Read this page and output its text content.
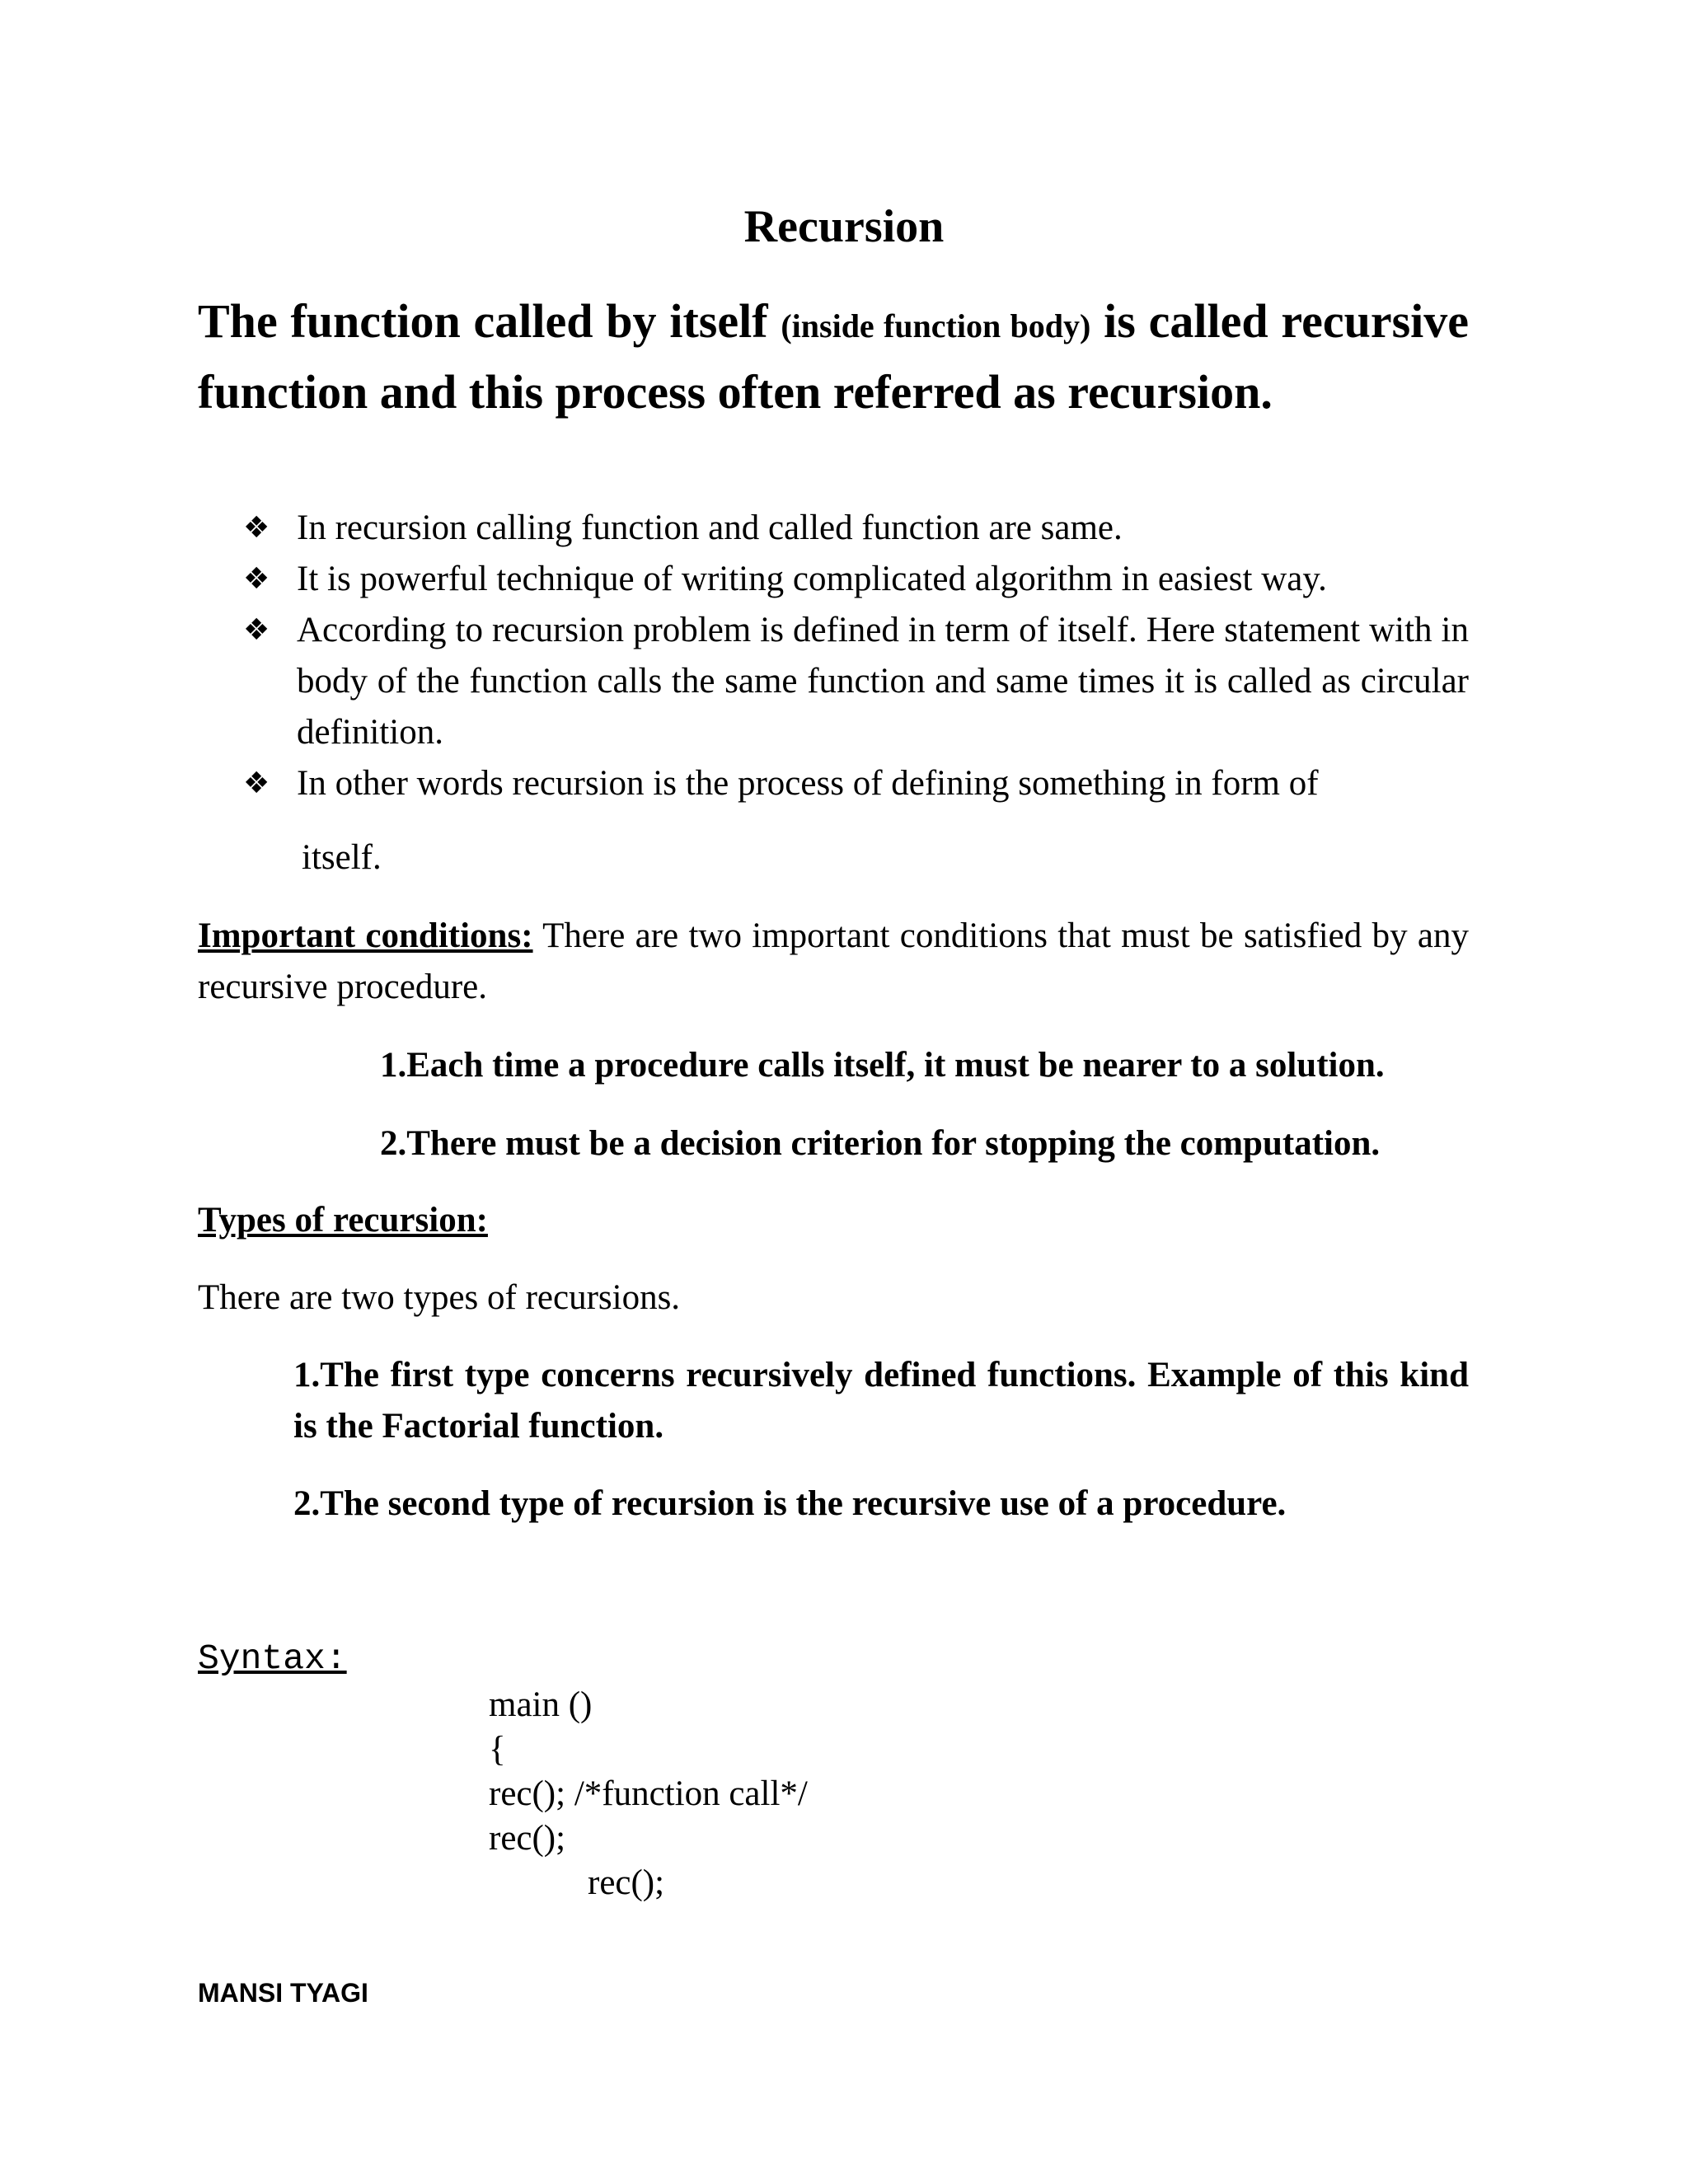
Recursion

The function called by itself (inside function body) is called recursive function and this process often referred as recursion.

❖ In recursion calling function and called function are same.
❖ It is powerful technique of writing complicated algorithm in easiest way.
❖ According to recursion problem is defined in term of itself. Here statement with in body of the function calls the same function and same times it is called as circular definition.
❖ In other words recursion is the process of defining something in form of
itself.

Important conditions: There are two important conditions that must be satisfied by any recursive procedure.

1.Each time a procedure calls itself, it must be nearer to a solution.
2.There must be a decision criterion for stopping the computation.
Types of recursion:
There are two types of recursions.
1.The first type concerns recursively defined functions. Example of this kind is the Factorial function.
2.The second type of recursion is the recursive use of a procedure.
Syntax:
main ()
{
rec(); /*function call*/
rec();
rec();
MANSI TYAGI
